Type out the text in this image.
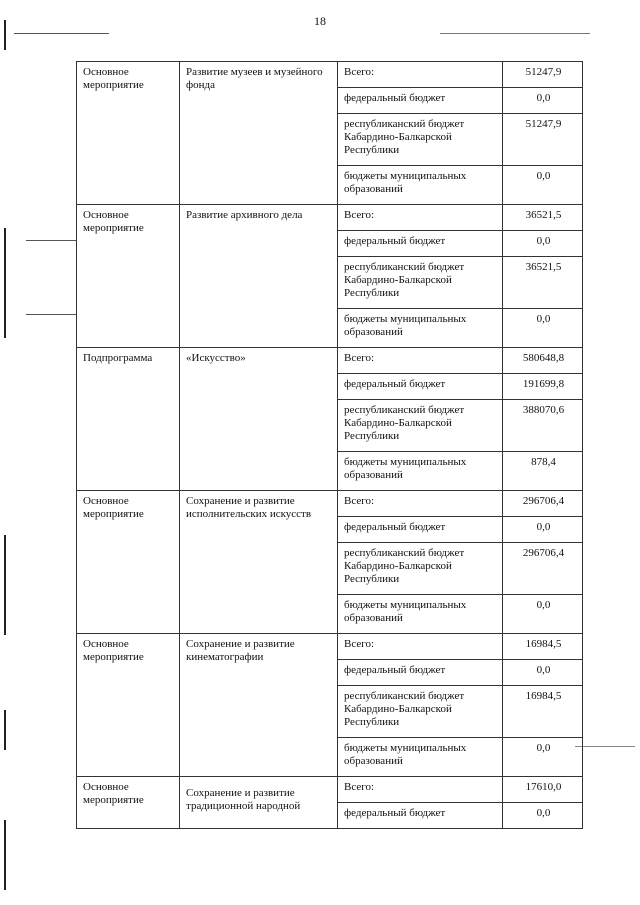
18
Основное мероприятие	Развитие музеев и музейного фонда	Всего:	51247,9
		федеральный бюджет	0,0
		республиканский бюджет Кабардино-Балкарской Республики	51247,9
		бюджеты муниципальных образований	0,0
Основное мероприятие	Развитие архивного дела	Всего:	36521,5
		федеральный бюджет	0,0
		республиканский бюджет Кабардино-Балкарской Республики	36521,5
		бюджеты муниципальных образований	0,0
Подпрограмма	«Искусство»	Всего:	580648,8
		федеральный бюджет	191699,8
		республиканский бюджет Кабардино-Балкарской Республики	388070,6
		бюджеты муниципальных образований	878,4
Основное мероприятие	Сохранение и развитие исполнительских искусств	Всего:	296706,4
		федеральный бюджет	0,0
		республиканский бюджет Кабардино-Балкарской Республики	296706,4
		бюджеты муниципальных образований	0,0
Основное мероприятие	Сохранение и развитие кинематографии	Всего:	16984,5
		федеральный бюджет	0,0
		республиканский бюджет Кабардино-Балкарской Республики	16984,5
		бюджеты муниципальных образований	0,0
Основное мероприятие	Сохранение и развитие традиционной народной	Всего:	17610,0
		федеральный бюджет	0,0
